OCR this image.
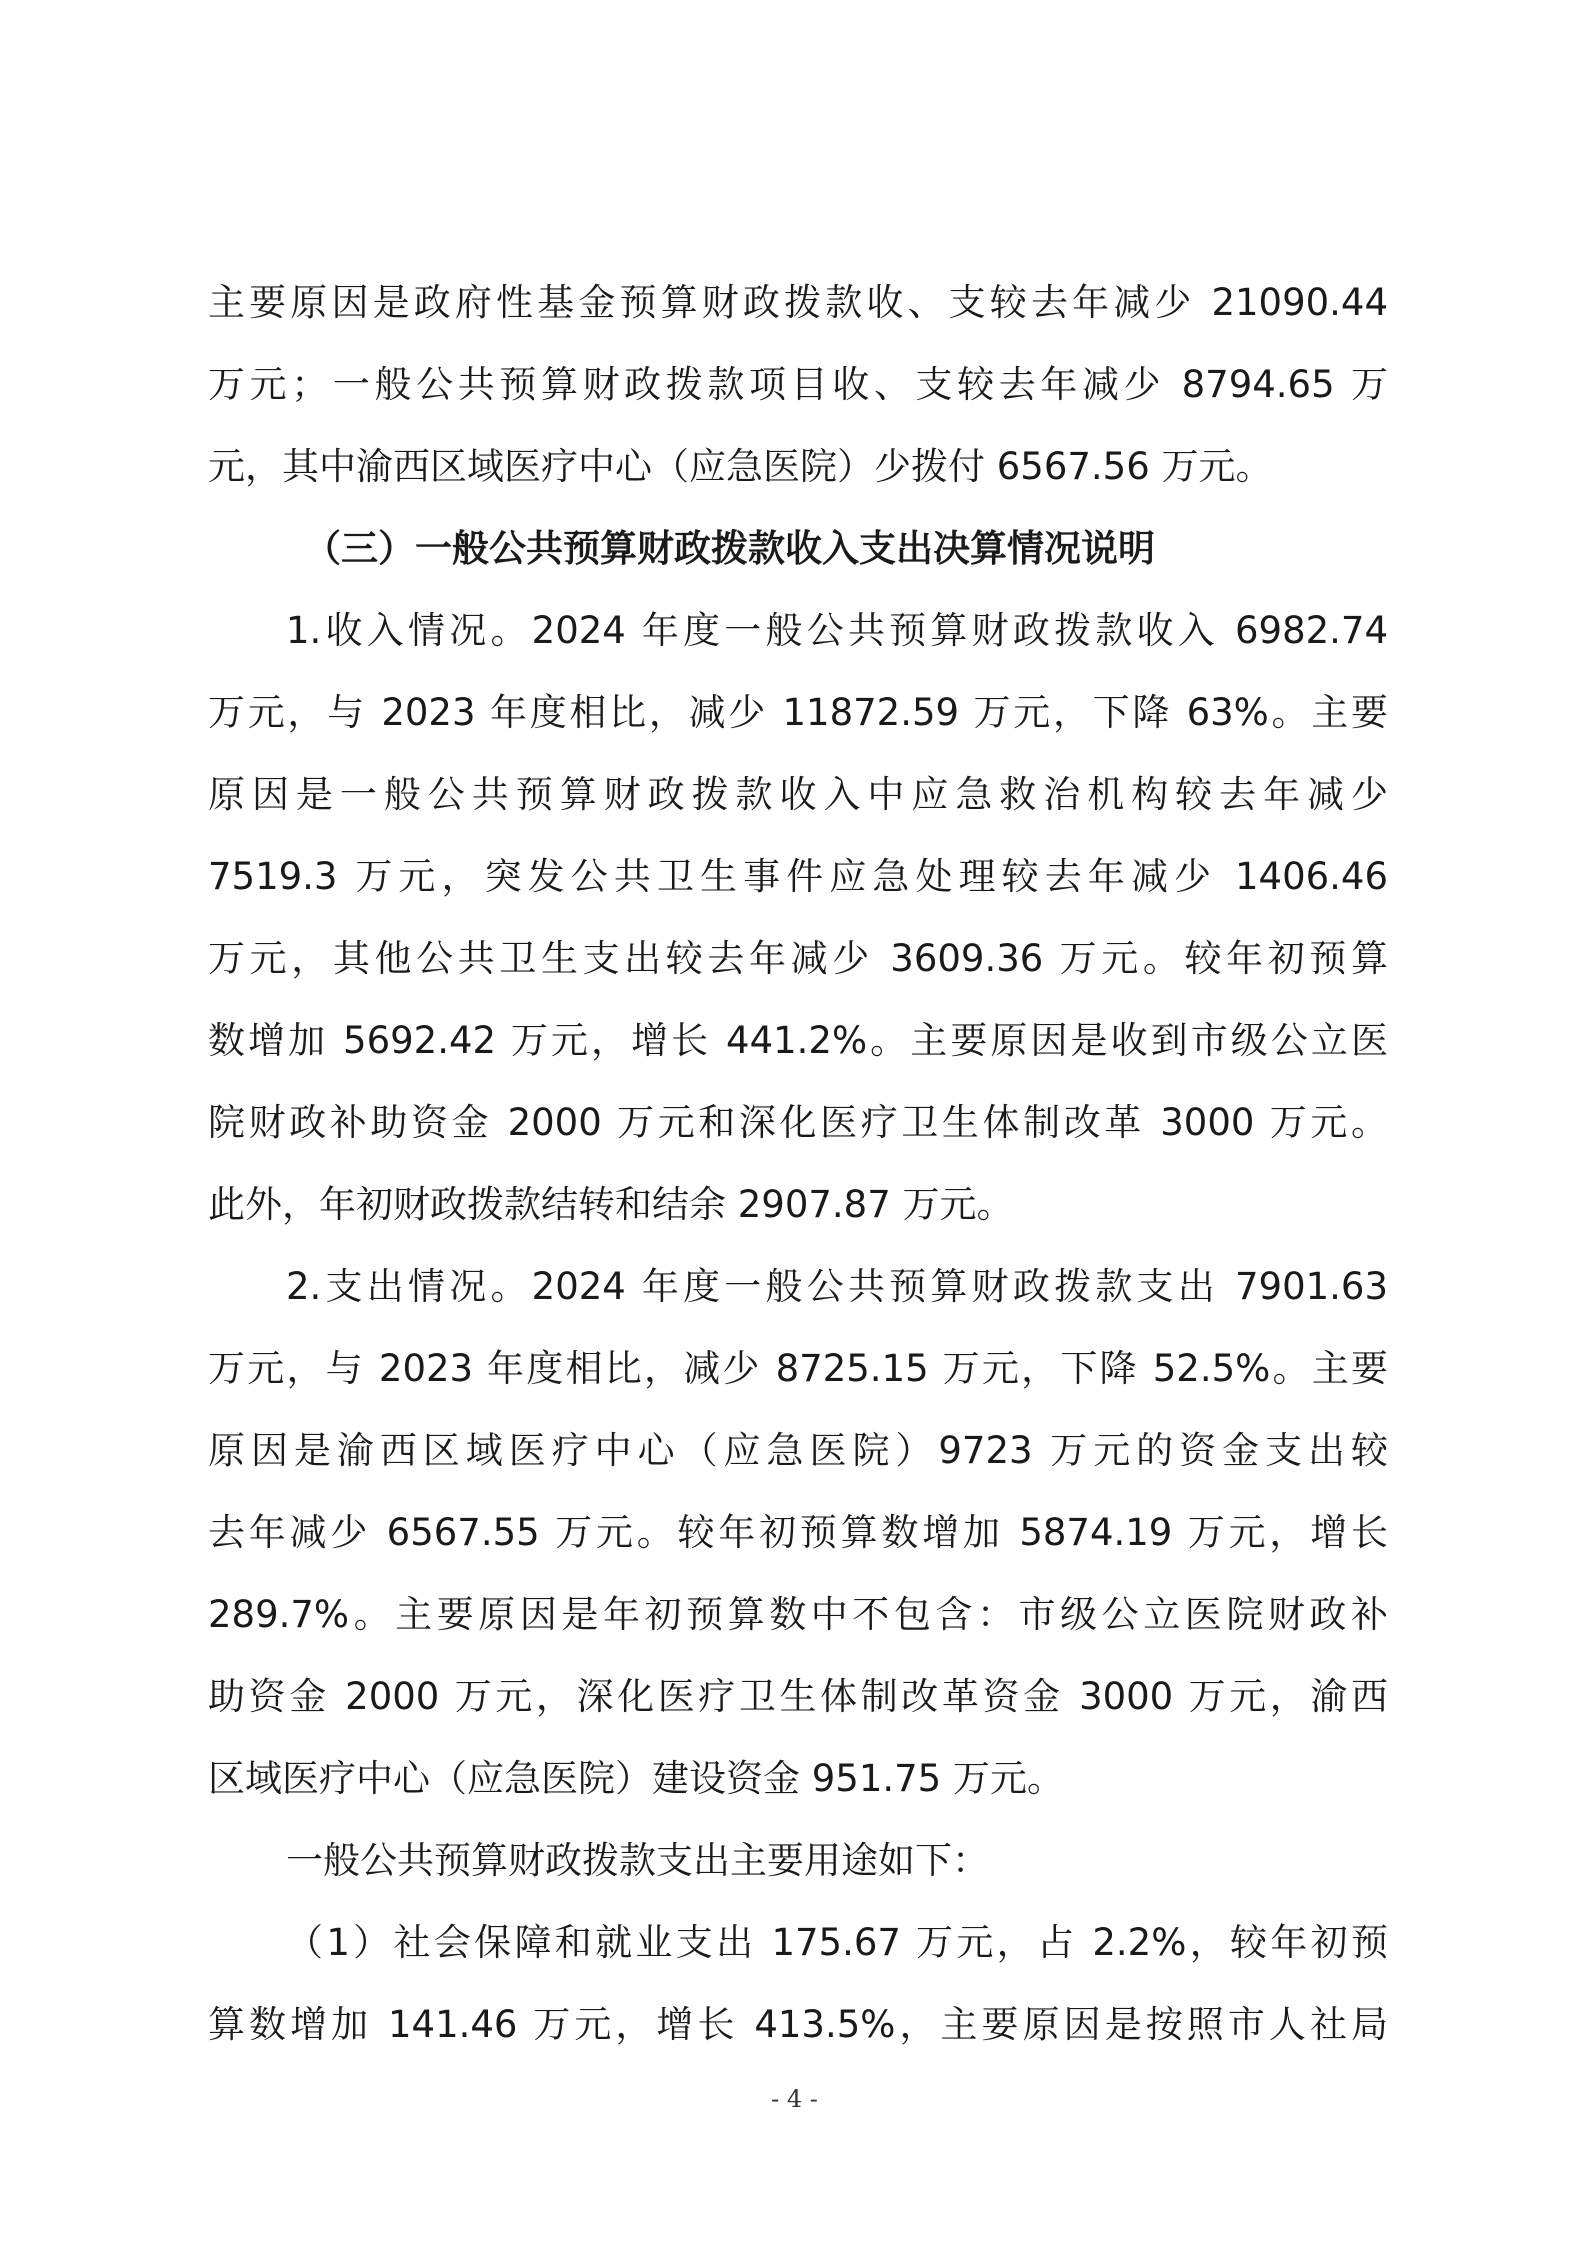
主要原因是政府性基金预算财政拨款收、支较去年减少 21090.44
万元；一般公共预算财政拨款项目收、支较去年减少 8794.65 万
元，其中渝西区域医疗中心（应急医院）少拨付 6567.56 万元。
（三）一般公共预算财政拨款收入支出决算情况说明
1.收入情况。2024 年度一般公共预算财政拨款收入 6982.74
万元，与 2023 年度相比，减少 11872.59 万元，下降 63%。主要
原因是一般公共预算财政拨款收入中应急救治机构较去年减少
7519.3 万元，突发公共卫生事件应急处理较去年减少 1406.46
万元，其他公共卫生支出较去年减少 3609.36 万元。较年初预算
数增加 5692.42 万元，增长 441.2%。主要原因是收到市级公立医
院财政补助资金 2000 万元和深化医疗卫生体制改革 3000 万元。
此外，年初财政拨款结转和结余 2907.87 万元。
2.支出情况。2024 年度一般公共预算财政拨款支出 7901.63
万元，与 2023 年度相比，减少 8725.15 万元，下降 52.5%。主要
原因是渝西区域医疗中心（应急医院）9723 万元的资金支出较
去年减少 6567.55 万元。较年初预算数增加 5874.19 万元，增长
289.7%。主要原因是年初预算数中不包含：市级公立医院财政补
助资金 2000 万元，深化医疗卫生体制改革资金 3000 万元，渝西
区域医疗中心（应急医院）建设资金 951.75 万元。
一般公共预算财政拨款支出主要用途如下：
（1）社会保障和就业支出 175.67 万元，占 2.2%，较年初预
算数增加 141.46 万元，增长 413.5%，主要原因是按照市人社局
- 4 -
